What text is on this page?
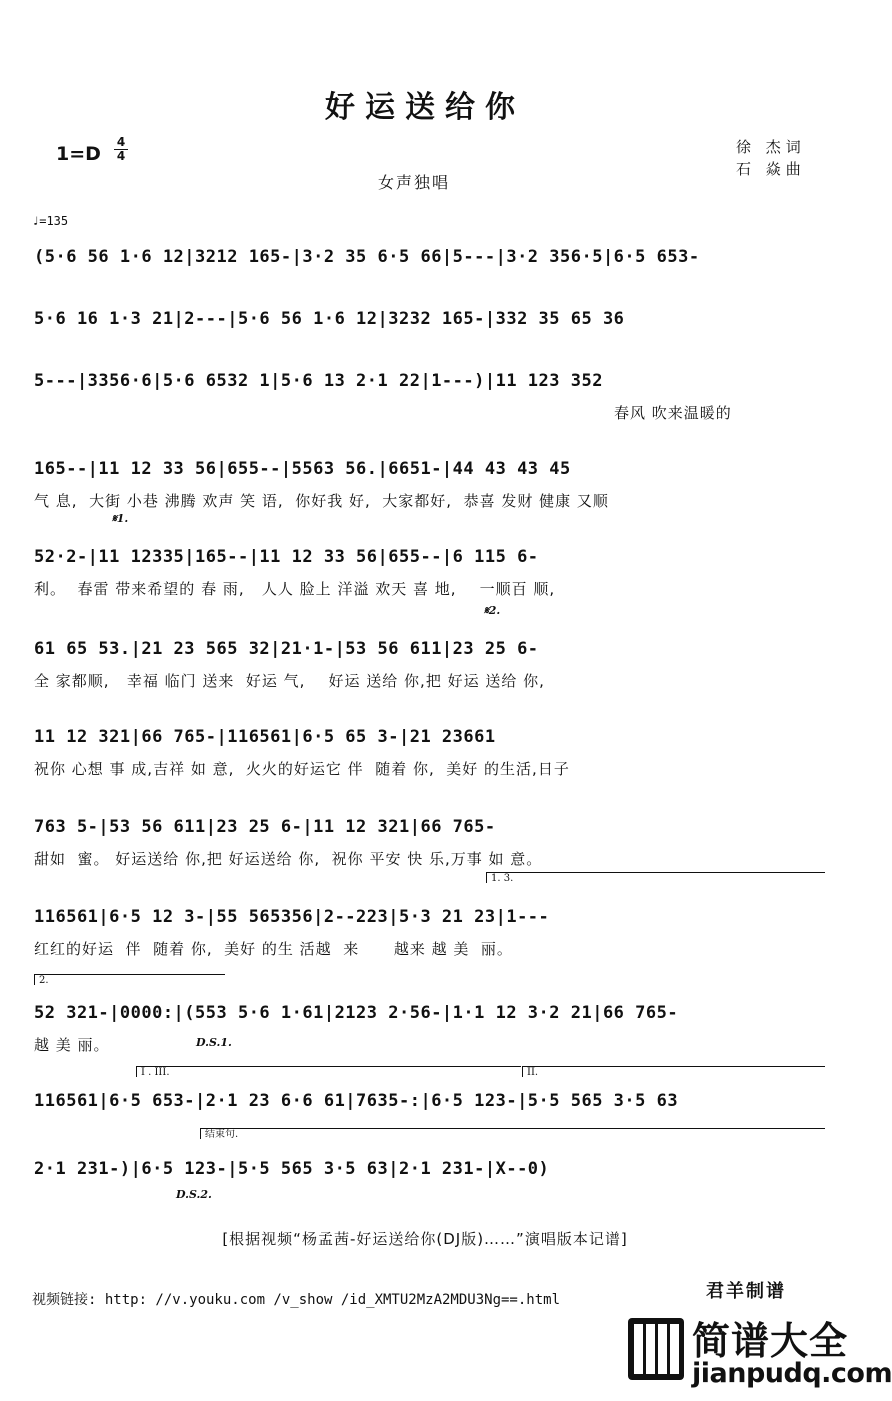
好运送给你
$1=D \frac{4}{4}$
女声独唱
徐 杰词
石 焱曲
♩=135
(5·6 56 1·6 12|3212 165-|3·2 35 6·5 66|5---|3·2 356·5|6·5 653-
5·6 16 1·3 21|2---|5·6 56 1·6 12|3232 165-|332 35 65 36
5---|3356·6|5·6 6532 1|5·6 13 2·1 22|1---)|11 123 352
春风 吹来温暖的
165--|11 12 33 56|655--|5563 56.|6651-|44 43 43 45
气 息,  大街 小巷 沸腾 欢声 笑 语,  你好我 好,  大家都好,  恭喜 发财 健康 又顺
52·2-|11 12335|165--|11 12 33 56|655--|6 115 6-
利。  春雷 带来希望的 春 雨,   人人 脸上 洋溢 欢天 喜 地,    一顺百 顺,
61 65 53.|21 23 565 32|21·1-|53 56 611|23 25 6-
全 家都顺,   幸福 临门 送来  好运 气,    好运 送给 你,把 好运 送给 你,
11 12 321|66 765-|116561|6·5 65 3-|21 23661
祝你 心想 事 成,吉祥 如 意,  火火的好运它 伴  随着 你,  美好 的生活,日子
763 5-|53 56 611|23 25 6-|11 12 321|66 765-
甜如  蜜。 好运送给 你,把 好运送给 你,  祝你 平安 快 乐,万事 如 意。
116561|6·5 12 3-|55 565356|2--223|5·3 21 23|1---
红红的好运  伴  随着 你,  美好 的生 活越  来      越来 越 美  丽。
52 321-|0000:|(553 5·6 1·61|2123 2·56-|1·1 12 3·2 21|66 765-
越 美 丽。
116561|6·5 653-|2·1 23 6·6 61|7635-:|6·5 123-|5·5 565 3·5 63
2·1 231-)|6·5 123-|5·5 565 3·5 63|2·1 231-|X--0)
𝄋1.
𝄋2.
1. 3.
2.
D.S.1.
I . III.	II.
结束句.
D.S.2.
[根据视频“杨孟茜-好运送给你(DJ版)……”演唱版本记谱]
视频链接: http: //v.youku.com /v_show /id_XMTU2MzA2MDU3Ng==.html	君羊制谱
简谱大全
jianpudq.com
